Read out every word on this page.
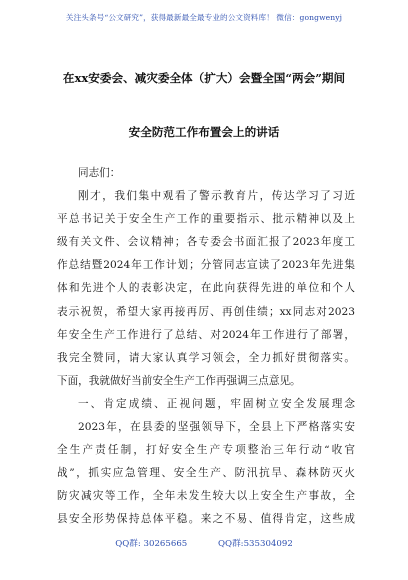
关注头条号“公文研究”，获得最新最全最专业的公文资料库！ 微信：gongwenyj
在xx安委会、减灾委全体（扩大）会暨全国“两会”期间
安全防范工作布置会上的讲话
同志们：
刚才，我们集中观看了警示教育片，传达学习了习近
平总书记关于安全生产工作的重要指示、批示精神以及上
级有关文件、会议精神；各专委会书面汇报了2023年度工
作总结暨2024年工作计划；分管同志宣读了2023年先进集
体和先进个人的表彰决定，在此向获得先进的单位和个人
表示祝贺，希望大家再接再厉、再创佳绩；xx同志对2023
年安全生产工作进行了总结、对2024年工作进行了部署，
我完全赞同，请大家认真学习领会，全力抓好贯彻落实。
下面，我就做好当前安全生产工作再强调三点意见。
一、肯定成绩、正视问题，牢固树立安全发展理念
2023年，在县委的坚强领导下，全县上下严格落实安
全生产责任制，打好安全生产专项整治三年行动“收官
战”，抓实应急管理、安全生产、防汛抗旱、森林防灭火
防灾减灾等工作，全年未发生较大以上安全生产事故，全
县安全形势保持总体平稳。来之不易、值得肯定，这些成
QQ群: 30265665	QQ群:535304092
